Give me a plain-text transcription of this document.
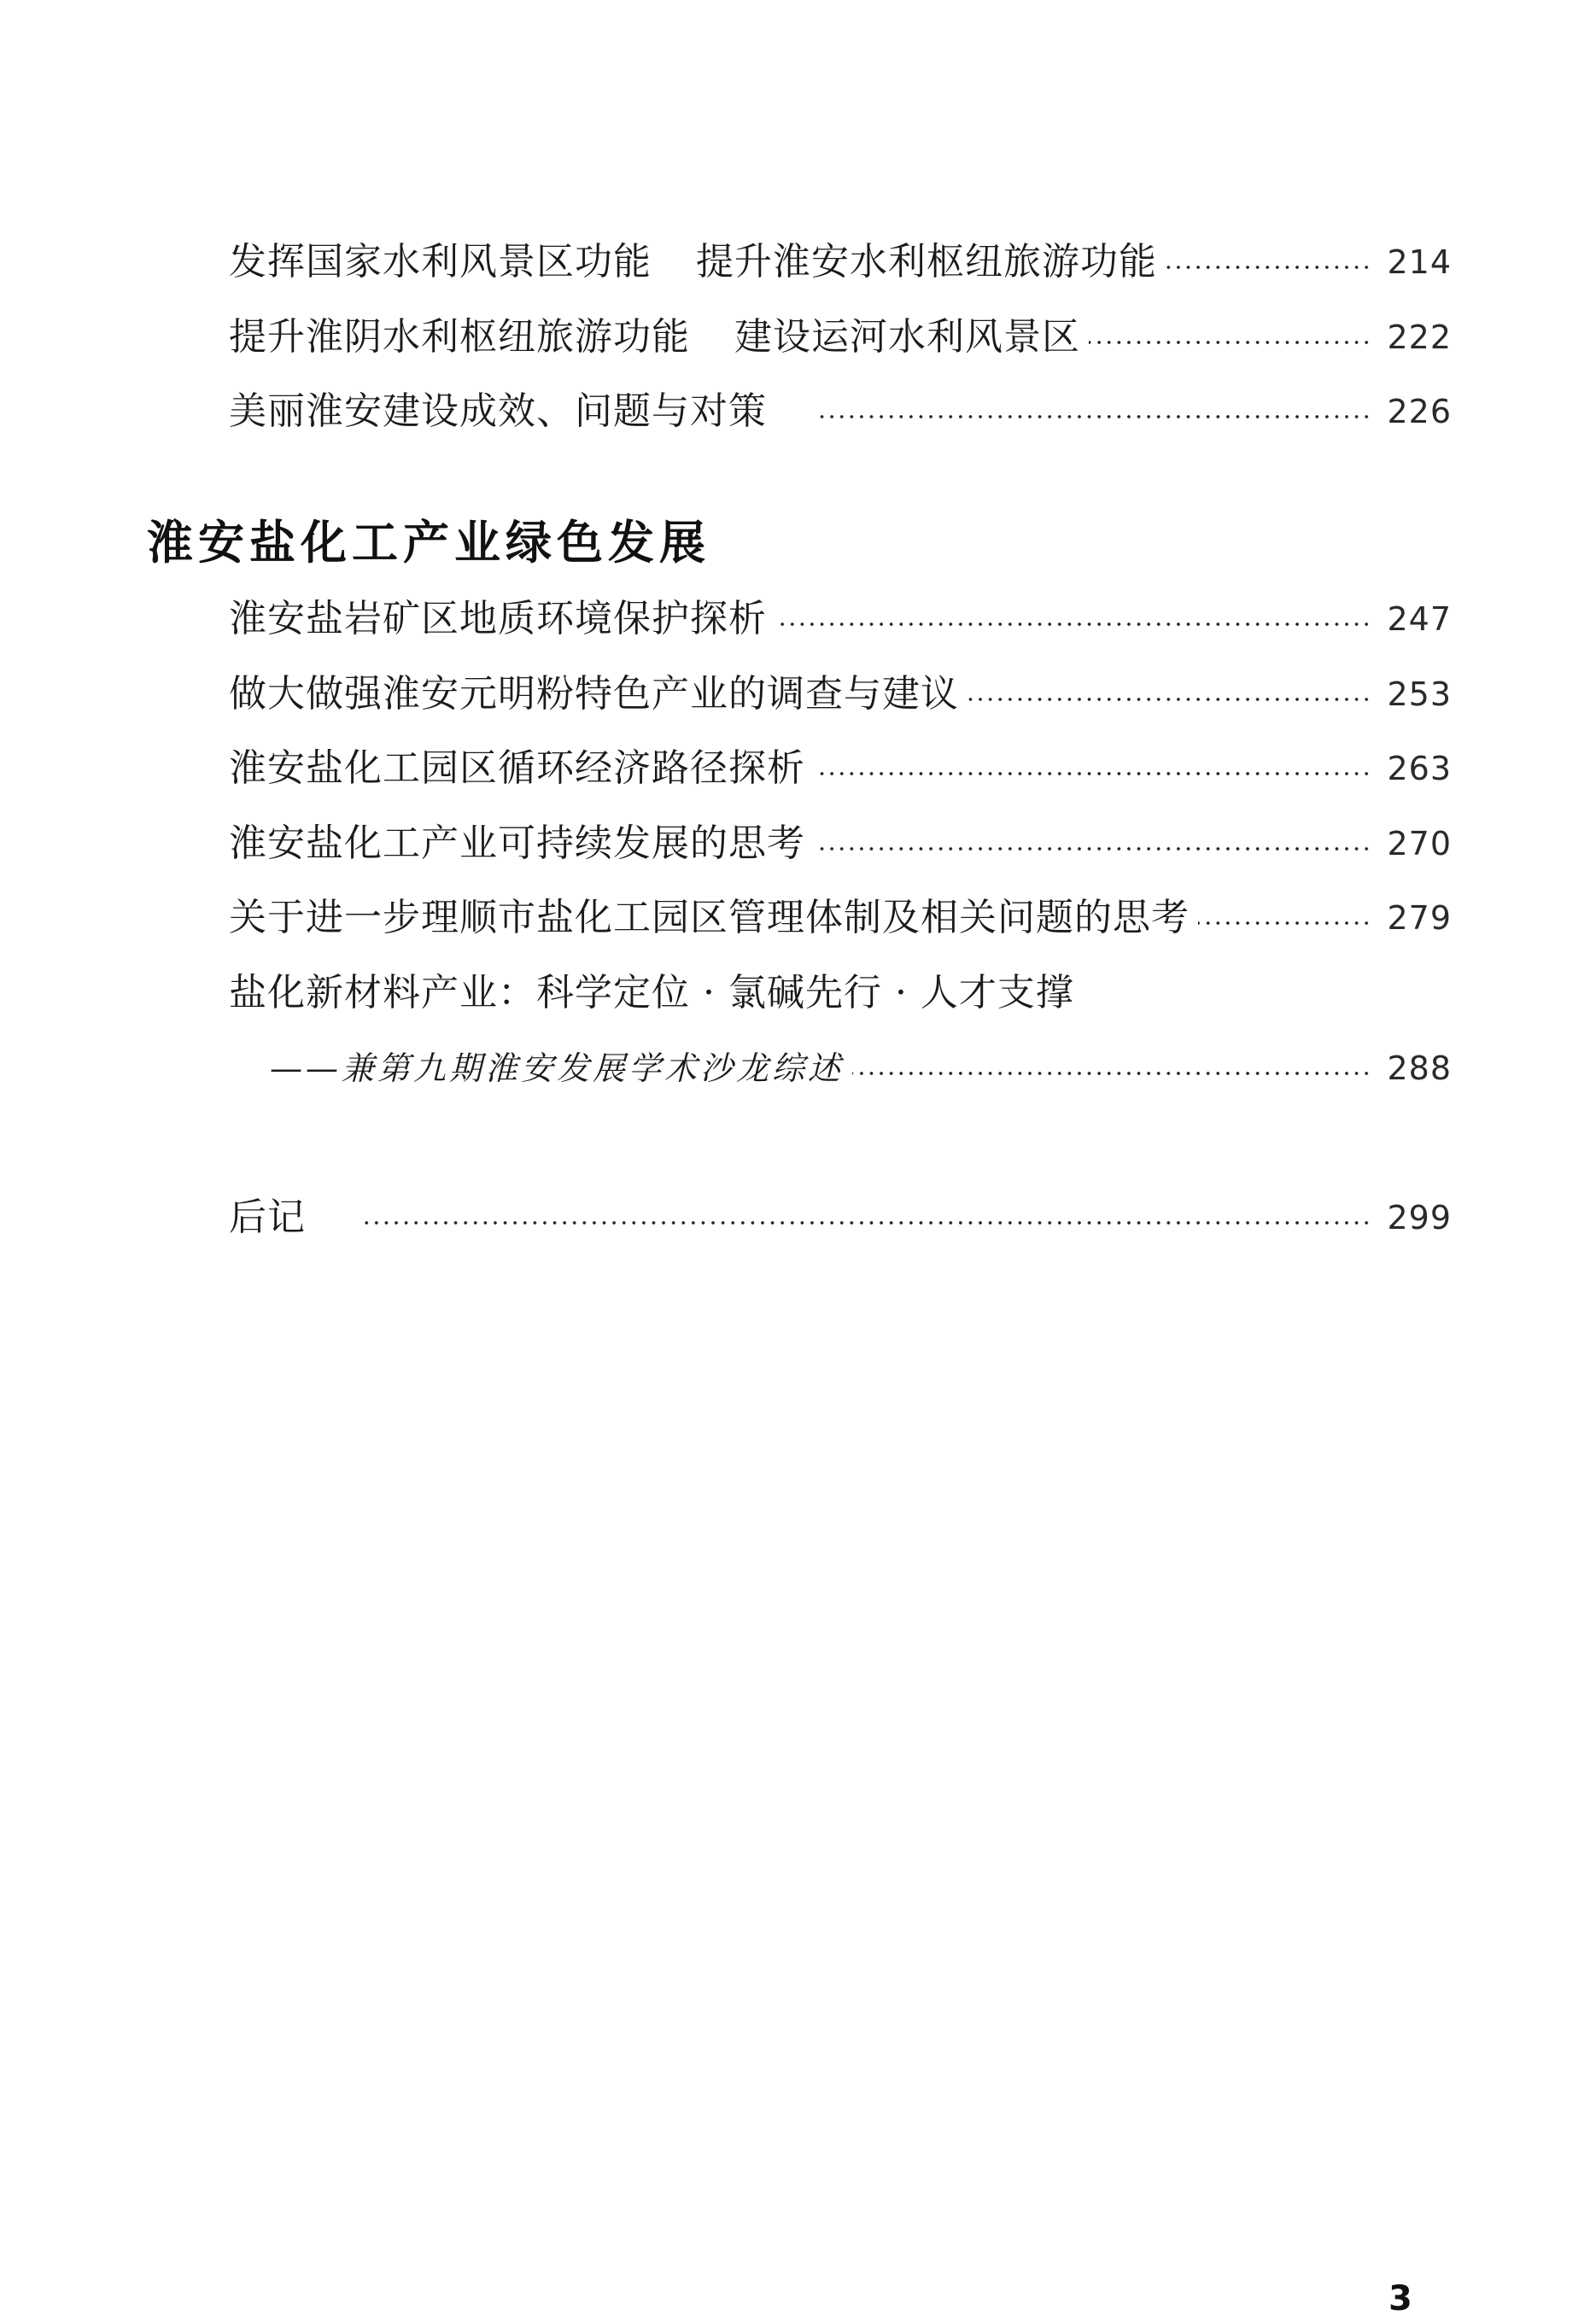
发挥国家水利风景区功能 提升淮安水利枢纽旅游功能	214
提升淮阴水利枢纽旅游功能 建设运河水利风景区	222
美丽淮安建设成效、问题与对策	226
淮安盐化工产业绿色发展
淮安盐岩矿区地质环境保护探析	247
做大做强淮安元明粉特色产业的调查与建议	253
淮安盐化工园区循环经济路径探析	263
淮安盐化工产业可持续发展的思考	270
关于进一步理顺市盐化工园区管理体制及相关问题的思考	279
盐化新材料产业：科学定位 · 氯碱先行 · 人才支撑
——兼第九期淮安发展学术沙龙综述	288
后记	299
3
